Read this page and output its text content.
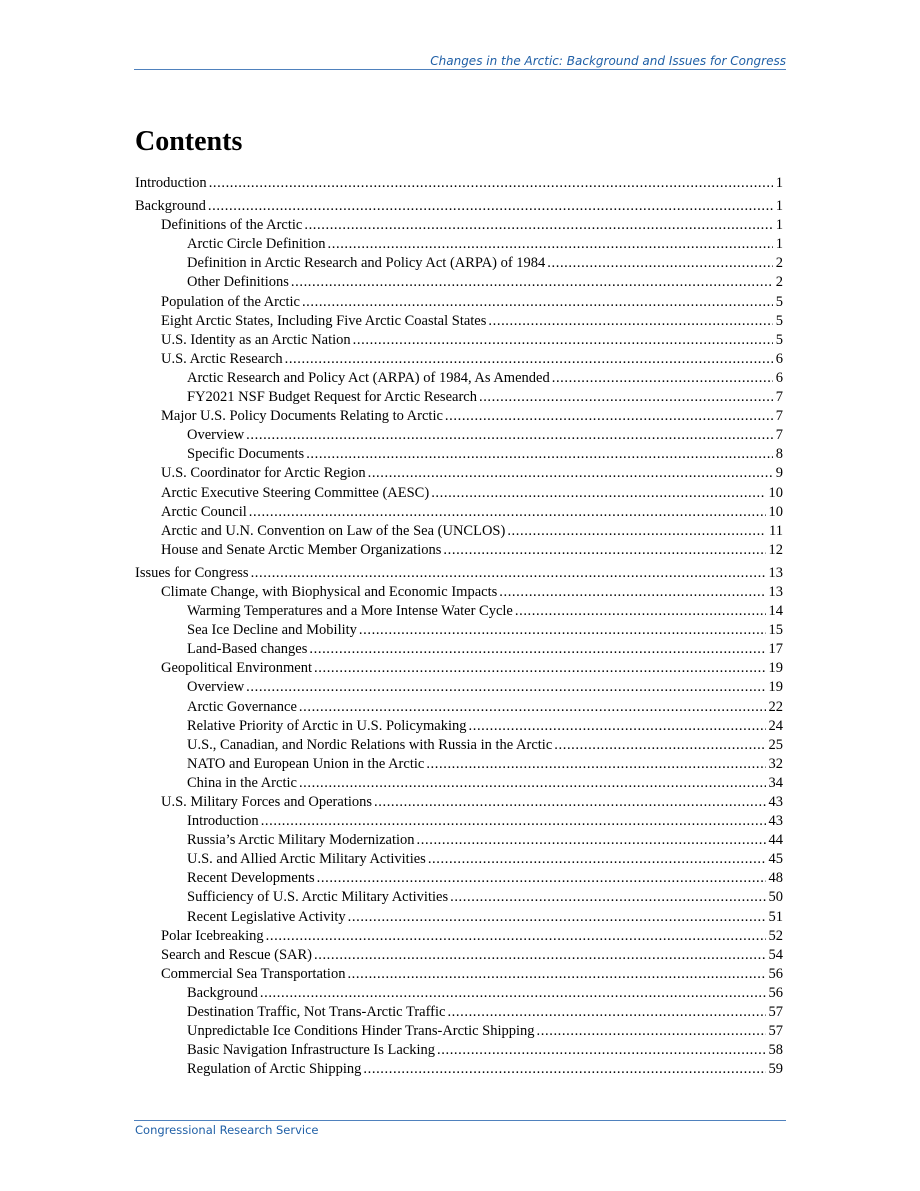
Changes in the Arctic: Background and Issues for Congress
Contents
Introduction .....	1
Background .....	1
Definitions of the Arctic .....	1
Arctic Circle Definition .....	1
Definition in Arctic Research and Policy Act (ARPA) of 1984 .....	2
Other Definitions .....	2
Population of the Arctic .....	5
Eight Arctic States, Including Five Arctic Coastal States .....	5
U.S. Identity as an Arctic Nation .....	5
U.S. Arctic Research .....	6
Arctic Research and Policy Act (ARPA) of 1984, As Amended .....	6
FY2021 NSF Budget Request for Arctic Research .....	7
Major U.S. Policy Documents Relating to Arctic .....	7
Overview .....	7
Specific Documents .....	8
U.S. Coordinator for Arctic Region .....	9
Arctic Executive Steering Committee (AESC) .....	10
Arctic Council .....	10
Arctic and U.N. Convention on Law of the Sea (UNCLOS) .....	11
House and Senate Arctic Member Organizations .....	12
Issues for Congress .....	13
Climate Change, with Biophysical and Economic Impacts .....	13
Warming Temperatures and a More Intense Water Cycle .....	14
Sea Ice Decline and Mobility .....	15
Land-Based changes .....	17
Geopolitical Environment .....	19
Overview .....	19
Arctic Governance .....	22
Relative Priority of Arctic in U.S. Policymaking .....	24
U.S., Canadian, and Nordic Relations with Russia in the Arctic .....	25
NATO and European Union in the Arctic .....	32
China in the Arctic .....	34
U.S. Military Forces and Operations .....	43
Introduction .....	43
Russia’s Arctic Military Modernization .....	44
U.S. and Allied Arctic Military Activities .....	45
Recent Developments .....	48
Sufficiency of U.S. Arctic Military Activities .....	50
Recent Legislative Activity .....	51
Polar Icebreaking .....	52
Search and Rescue (SAR) .....	54
Commercial Sea Transportation .....	56
Background .....	56
Destination Traffic, Not Trans-Arctic Traffic .....	57
Unpredictable Ice Conditions Hinder Trans-Arctic Shipping .....	57
Basic Navigation Infrastructure Is Lacking .....	58
Regulation of Arctic Shipping .....	59
Congressional Research Service
